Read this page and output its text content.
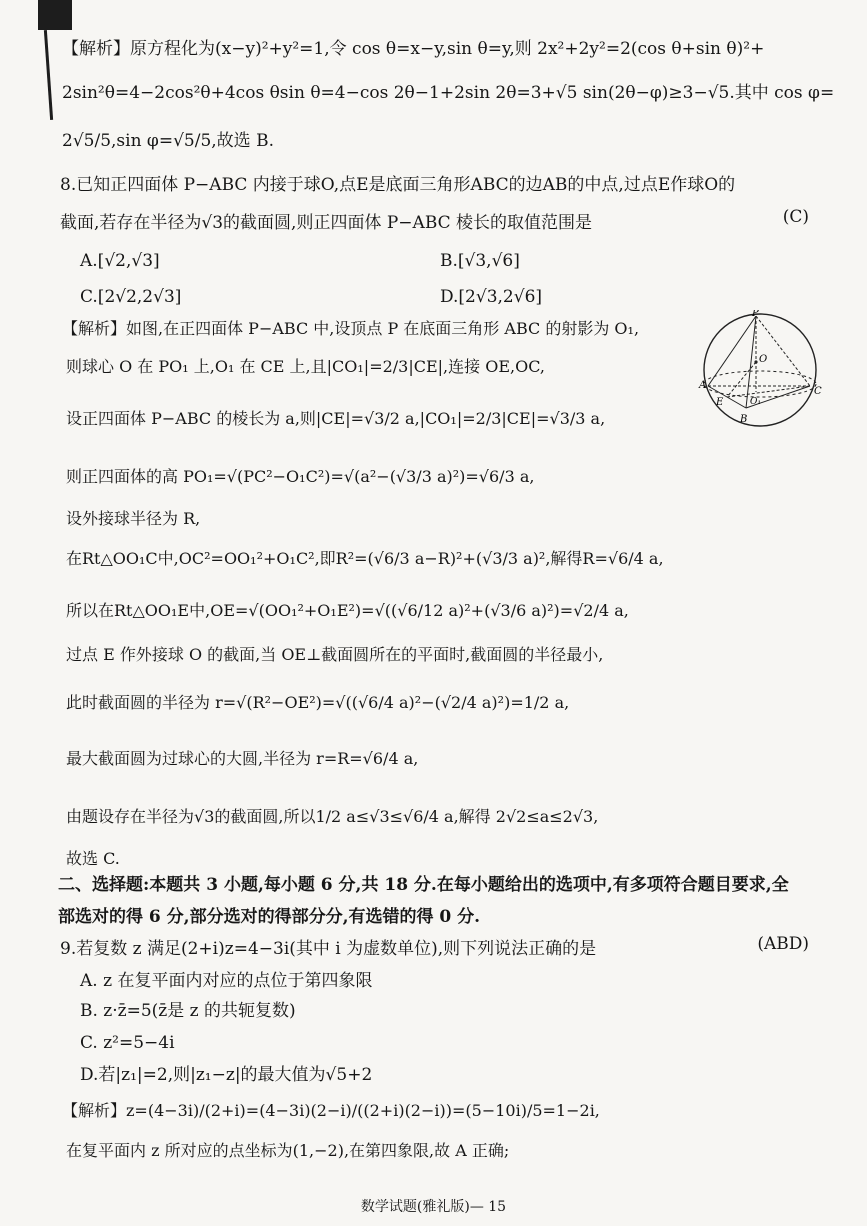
【解析】原方程化为(x−y)²+y²=1,令 cos θ=x−y,sin θ=y,则 2x²+2y²=2(cos θ+sin θ)²+
2sin²θ=4−2cos²θ+4cos θsin θ=4−cos 2θ−1+2sin 2θ=3+√5 sin(2θ−φ)≥3−√5.其中 cos φ=
2√5/5,sin φ=√5/5,故选 B.
8.已知正四面体 P−ABC 内接于球O,点E是底面三角形ABC的边AB的中点,过点E作球O的
截面,若存在半径为√3的截面圆,则正四面体 P−ABC 棱长的取值范围是	(C)
A.[√2,√3]	B.[√3,√6]
C.[2√2,2√3]	D.[2√3,2√6]
【解析】如图,在正四面体 P−ABC 中,设顶点 P 在底面三角形 ABC 的射影为 O₁,
则球心 O 在 PO₁ 上,O₁ 在 CE 上,且|CO₁|=2/3|CE|,连接 OE,OC,
设正四面体 P−ABC 的棱长为 a,则|CE|=√3/2 a,|CO₁|=2/3|CE|=√3/3 a,
则正四面体的高 PO₁=√(PC²−O₁C²)=√(a²−(√3/3 a)²)=√6/3 a,
设外接球半径为 R,
在Rt△OO₁C中,OC²=OO₁²+O₁C²,即R²=(√6/3 a−R)²+(√3/3 a)²,解得R=√6/4 a,
所以在Rt△OO₁E中,OE=√(OO₁²+O₁E²)=√((√6/12 a)²+(√3/6 a)²)=√2/4 a,
过点 E 作外接球 O 的截面,当 OE⊥截面圆所在的平面时,截面圆的半径最小,
此时截面圆的半径为 r=√(R²−OE²)=√((√6/4 a)²−(√2/4 a)²)=1/2 a,
最大截面圆为过球心的大圆,半径为 r=R=√6/4 a,
由题设存在半径为√3的截面圆,所以1/2 a≤√3≤√6/4 a,解得 2√2≤a≤2√3,
故选 C.
二、选择题:本题共 3 小题,每小题 6 分,共 18 分.在每小题给出的选项中,有多项符合题目要求,全
部选对的得 6 分,部分选对的得部分分,有选错的得 0 分.
9.若复数 z 满足(2+i)z=4−3i(其中 i 为虚数单位),则下列说法正确的是	(ABD)
A. z 在复平面内对应的点位于第四象限
B. z·z̄=5(z̄是 z 的共轭复数)
C. z²=5−4i
D.若|z₁|=2,则|z₁−z|的最大值为√5+2
【解析】z=(4−3i)/(2+i)=(4−3i)(2−i)/((2+i)(2−i))=(5−10i)/5=1−2i,
在复平面内 z 所对应的点坐标为(1,−2),在第四象限,故 A 正确;
P
O
A
E	O₁
C
B
数学试题(雅礼版)— 15
